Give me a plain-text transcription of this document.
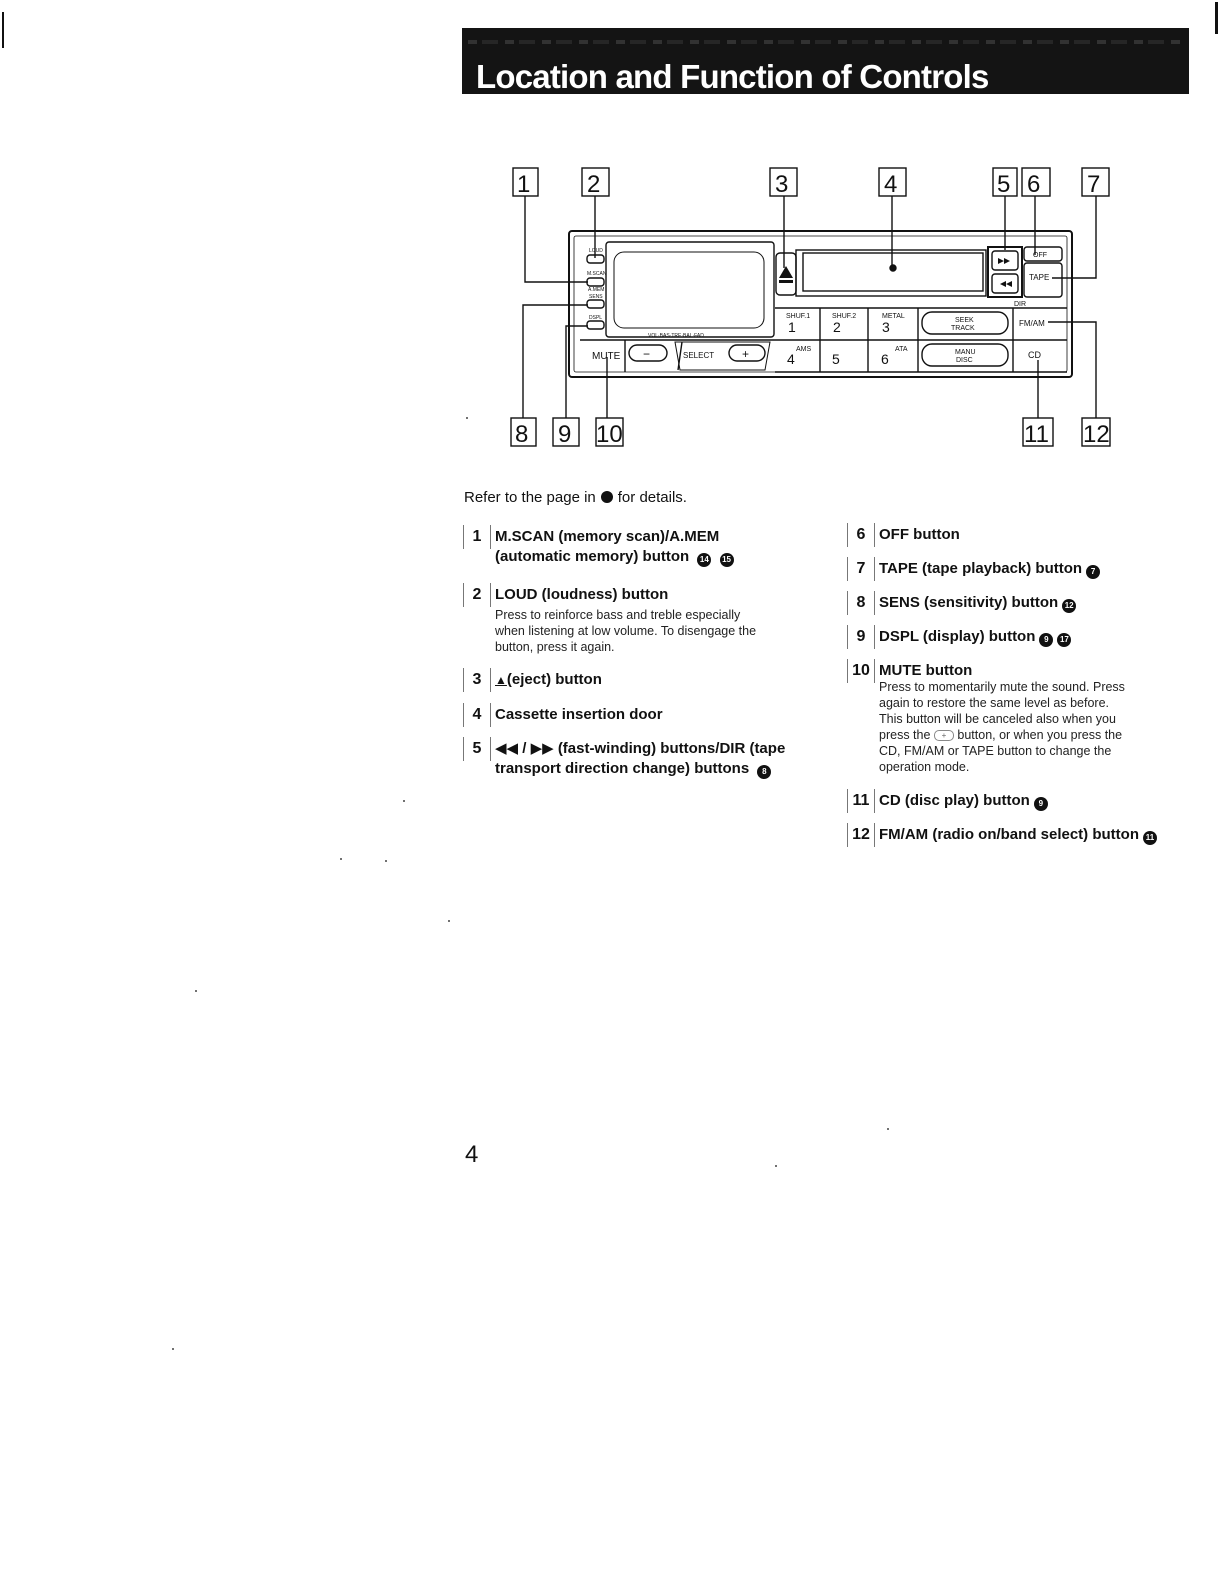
Location and Function of Controls
1 2	3	4	5 6 7
8 9 10	11 12
LOUD
M.SCAN
A.MEM
SENS
DSPL
VOL·BAS·TRE·BAL·FAD
MUTE −	SELECT +
OFF
TAPE
DIR
SHUF.1	SHUF.2	METAL
SEEK
TRACK
AMS	ATA	MANU
DISC
1	2	3
4	5	6
FM/AM
CD

Refer to the page in for details.

1 M.SCAN (memory scan)/A.MEM
(automatic memory) button 14 15

2 LOUD (loudness) button

Press to reinforce bass and treble especially
when listening at low volume. To disengage the
button, press it again.

3	▲(eject) button

4 Cassette insertion door

5 ◀◀ / ▶▶ (fast-winding) buttons/DIR (tape
transport direction change) buttons 8

6 OFF button

7 TAPE (tape playback) button 7

8 SENS (sensitivity) button 12

9 DSPL (display) button 9 17

10 MUTE button

Press to momentarily mute the sound. Press
again to restore the same level as before.
This button will be canceled also when you
press the + button, or when you press the
CD, FM/AM or TAPE button to change the
operation mode.

11 CD (disc play) button 9

12 FM/AM (radio on/band select) button 11

4
